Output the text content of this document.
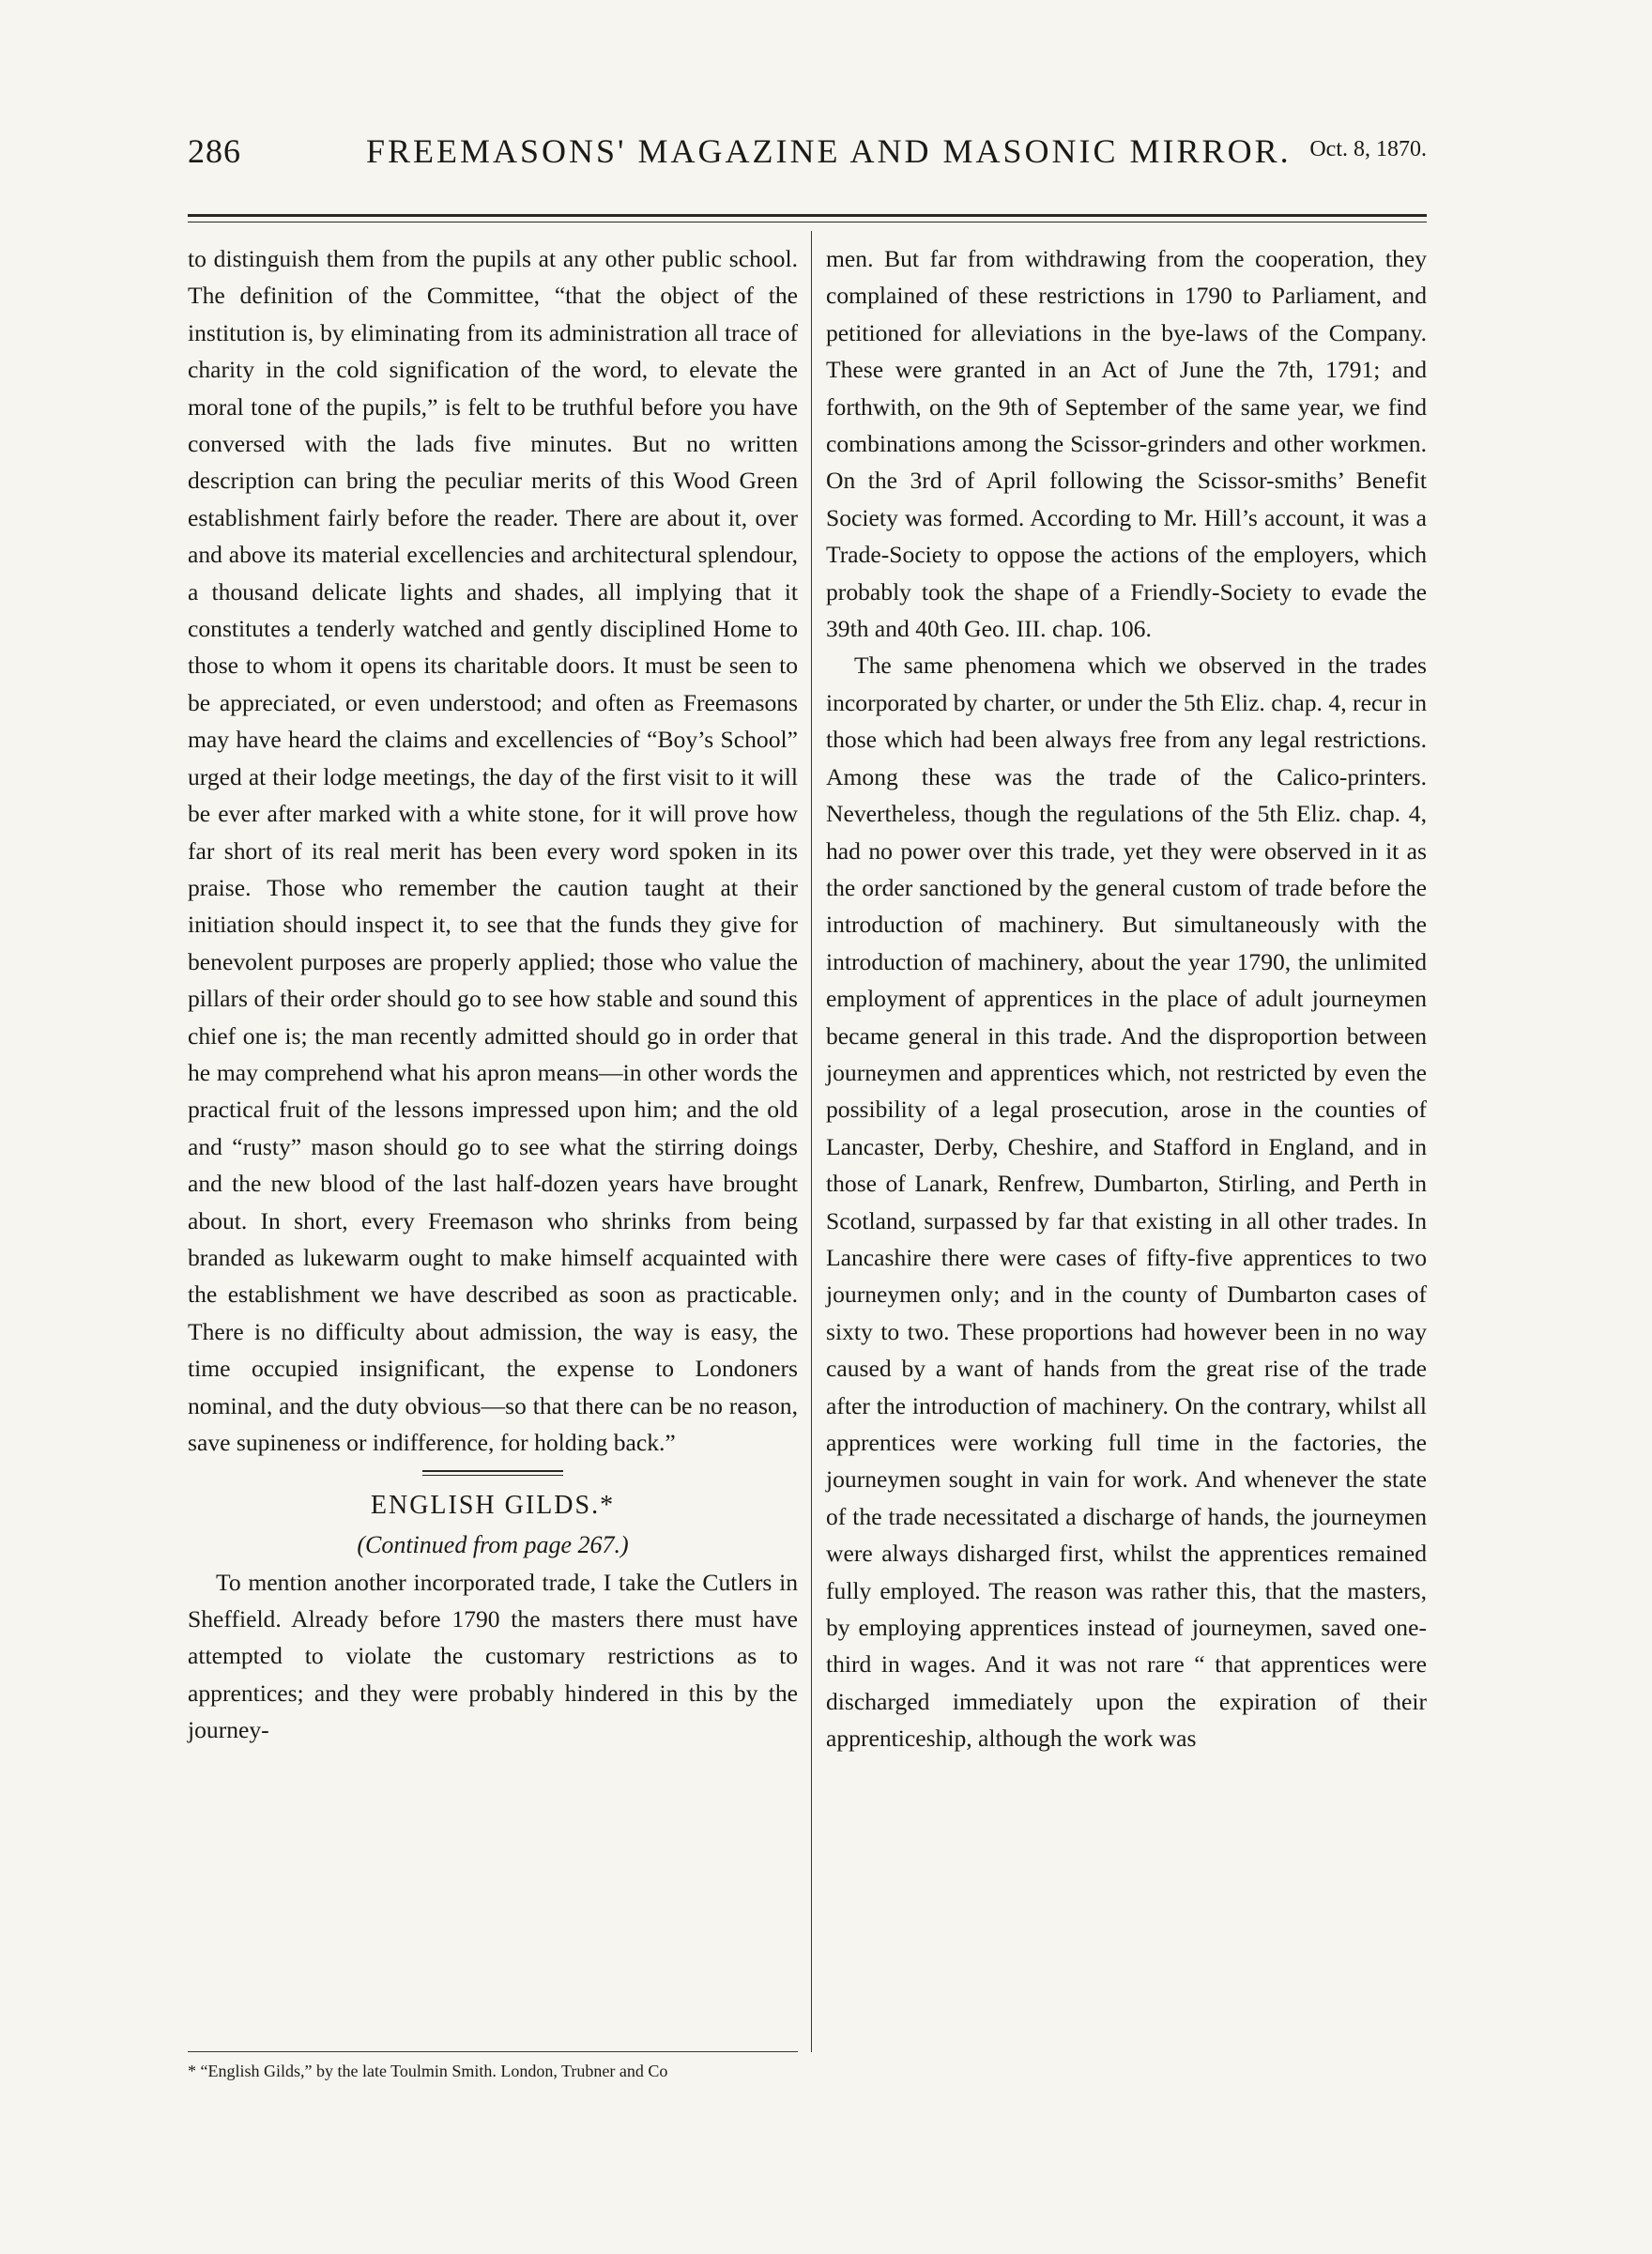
286	FREEMASONS' MAGAZINE AND MASONIC MIRROR. Oct. 8, 1870.

to distinguish them from the pupils at any other public school. The definition of the Committee, “that the object of the institution is, by eliminating from its administration all trace of charity in the cold signification of the word, to elevate the moral tone of the pupils,” is felt to be truthful before you have conversed with the lads five minutes. But no written description can bring the peculiar merits of this Wood Green establishment fairly before the reader. There are about it, over and above its material excellencies and architectural splendour, a thousand delicate lights and shades, all implying that it constitutes a tenderly watched and gently disciplined Home to those to whom it opens its charitable doors. It must be seen to be appreciated, or even understood; and often as Freemasons may have heard the claims and excellencies of “Boy’s School” urged at their lodge meetings, the day of the first visit to it will be ever after marked with a white stone, for it will prove how far short of its real merit has been every word spoken in its praise. Those who remember the caution taught at their initiation should inspect it, to see that the funds they give for benevolent purposes are properly applied; those who value the pillars of their order should go to see how stable and sound this chief one is; the man recently admitted should go in order that he may comprehend what his apron means—in other words the practical fruit of the lessons impressed upon him; and the old and “rusty” mason should go to see what the stirring doings and the new blood of the last half-dozen years have brought about. In short, every Freemason who shrinks from being branded as lukewarm ought to make himself acquainted with the establishment we have described as soon as practicable. There is no difficulty about admission, the way is easy, the time occupied insignificant, the expense to Londoners nominal, and the duty obvious—so that there can be no reason, save supineness or indifference, for holding back.”

ENGLISH GILDS.*

(Continued from page 267.)

To mention another incorporated trade, I take the Cutlers in Sheffield. Already before 1790 the masters there must have attempted to violate the customary restrictions as to apprentices; and they were probably hindered in this by the journey-

* “English Gilds,” by the late Toulmin Smith. London, Trubner and Co

men. But far from withdrawing from the cooperation, they complained of these restrictions in 1790 to Parliament, and petitioned for alleviations in the bye-laws of the Company. These were granted in an Act of June the 7th, 1791; and forthwith, on the 9th of September of the same year, we find combinations among the Scissor-grinders and other workmen. On the 3rd of April following the Scissor-smiths’ Benefit Society was formed. According to Mr. Hill’s account, it was a Trade-Society to oppose the actions of the employers, which probably took the shape of a Friendly-Society to evade the 39th and 40th Geo. III. chap. 106.

The same phenomena which we observed in the trades incorporated by charter, or under the 5th Eliz. chap. 4, recur in those which had been always free from any legal restrictions. Among these was the trade of the Calico-printers. Nevertheless, though the regulations of the 5th Eliz. chap. 4, had no power over this trade, yet they were observed in it as the order sanctioned by the general custom of trade before the introduction of machinery. But simultaneously with the introduction of machinery, about the year 1790, the unlimited employment of apprentices in the place of adult journeymen became general in this trade. And the disproportion between journeymen and apprentices which, not restricted by even the possibility of a legal prosecution, arose in the counties of Lancaster, Derby, Cheshire, and Stafford in England, and in those of Lanark, Renfrew, Dumbarton, Stirling, and Perth in Scotland, surpassed by far that existing in all other trades. In Lancashire there were cases of fifty-five apprentices to two journeymen only; and in the county of Dumbarton cases of sixty to two. These proportions had however been in no way caused by a want of hands from the great rise of the trade after the introduction of machinery. On the contrary, whilst all apprentices were working full time in the factories, the journeymen sought in vain for work. And whenever the state of the trade necessitated a discharge of hands, the journeymen were always disharged first, whilst the apprentices remained fully employed. The reason was rather this, that the masters, by employing apprentices instead of journeymen, saved one-third in wages. And it was not rare “ that apprentices were discharged immediately upon the expiration of their apprenticeship, although the work was
